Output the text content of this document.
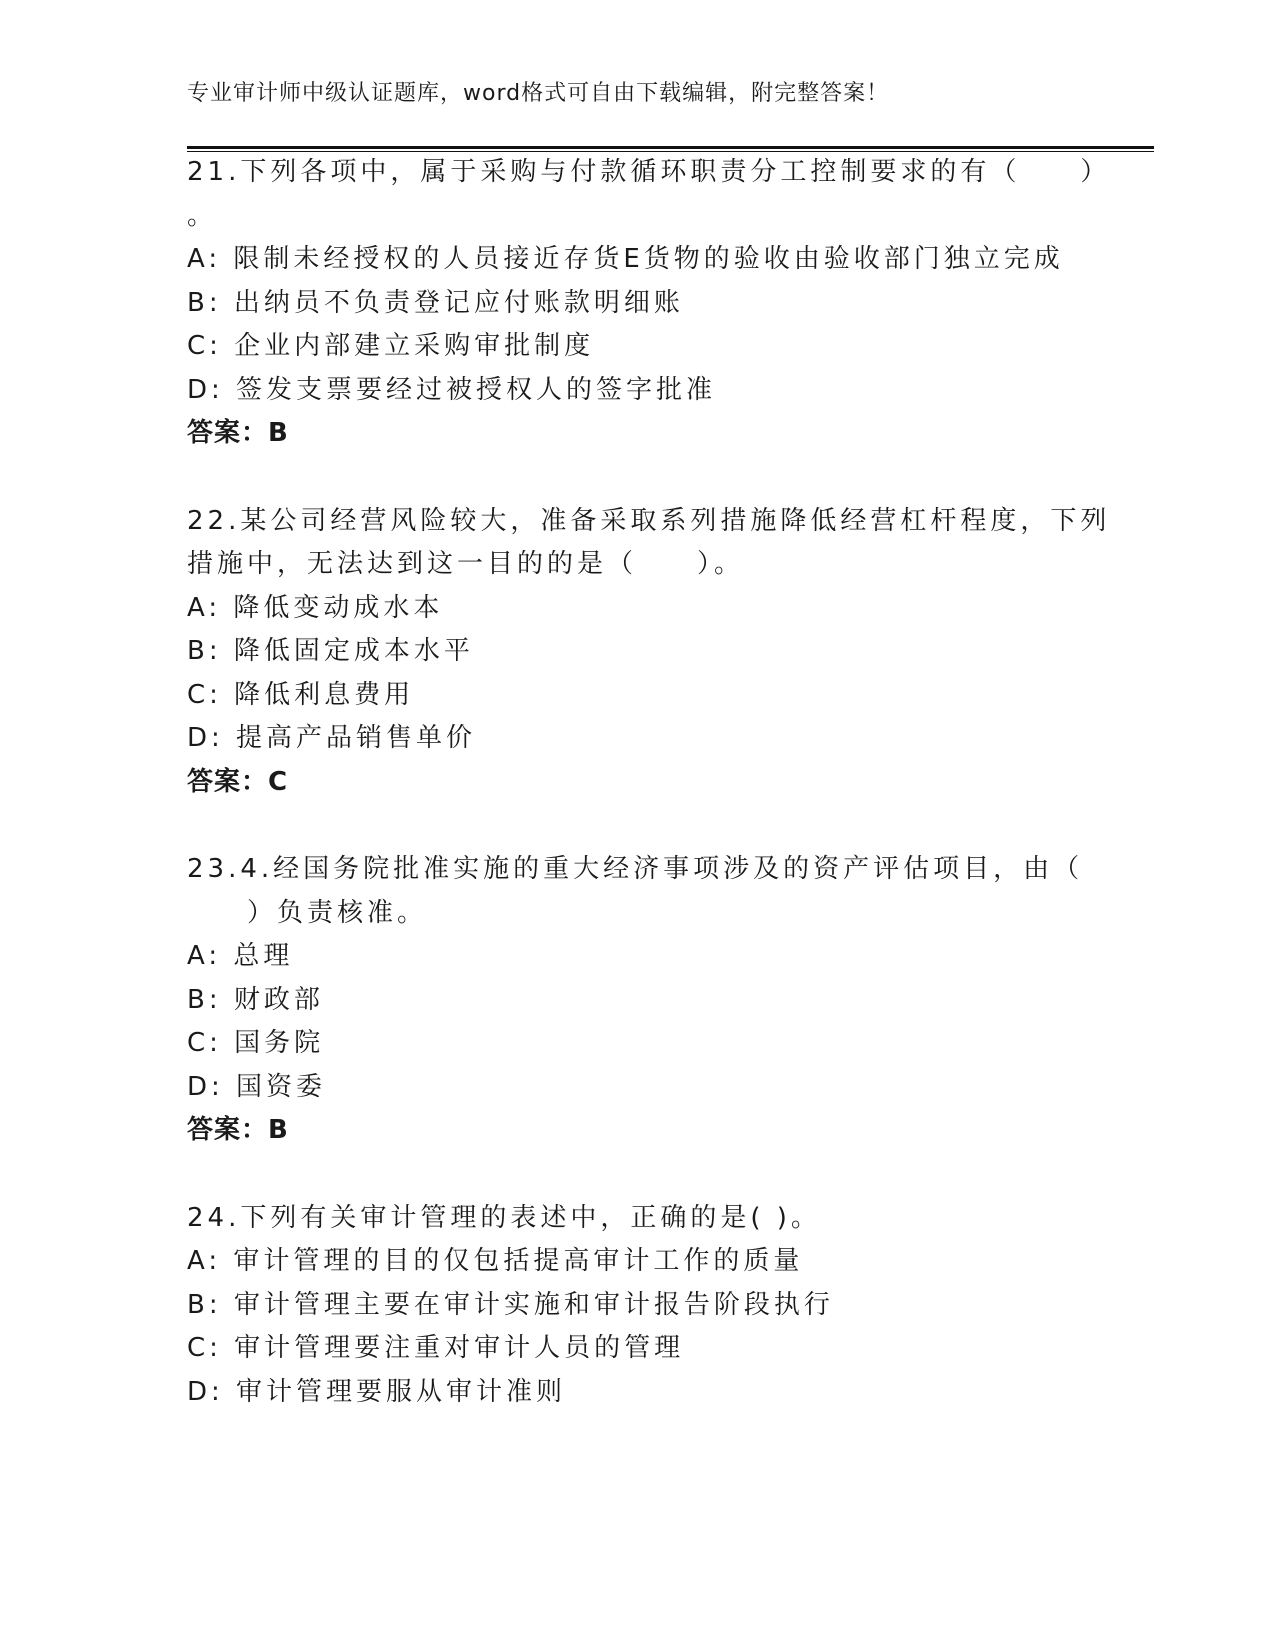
专业审计师中级认证题库，word格式可自由下载编辑，附完整答案！
21.下列各项中，属于采购与付款循环职责分工控制要求的有（　　）
。
A: 限制未经授权的人员接近存货E货物的验收由验收部门独立完成
B: 出纳员不负责登记应付账款明细账
C: 企业内部建立采购审批制度
D: 签发支票要经过被授权人的签字批准
答案：B
22.某公司经营风险较大，准备采取系列措施降低经营杠杆程度，下列
措施中，无法达到这一目的的是（　　）。
A: 降低变动成水本
B: 降低固定成本水平
C: 降低利息费用
D: 提高产品销售单价
答案：C
23.4.经国务院批准实施的重大经济事项涉及的资产评估项目，由（
　　）负责核准。
A: 总理
B: 财政部
C: 国务院
D: 国资委
答案：B
24.下列有关审计管理的表述中，正确的是( )。
A: 审计管理的目的仅包括提高审计工作的质量
B: 审计管理主要在审计实施和审计报告阶段执行
C: 审计管理要注重对审计人员的管理
D: 审计管理要服从审计准则
